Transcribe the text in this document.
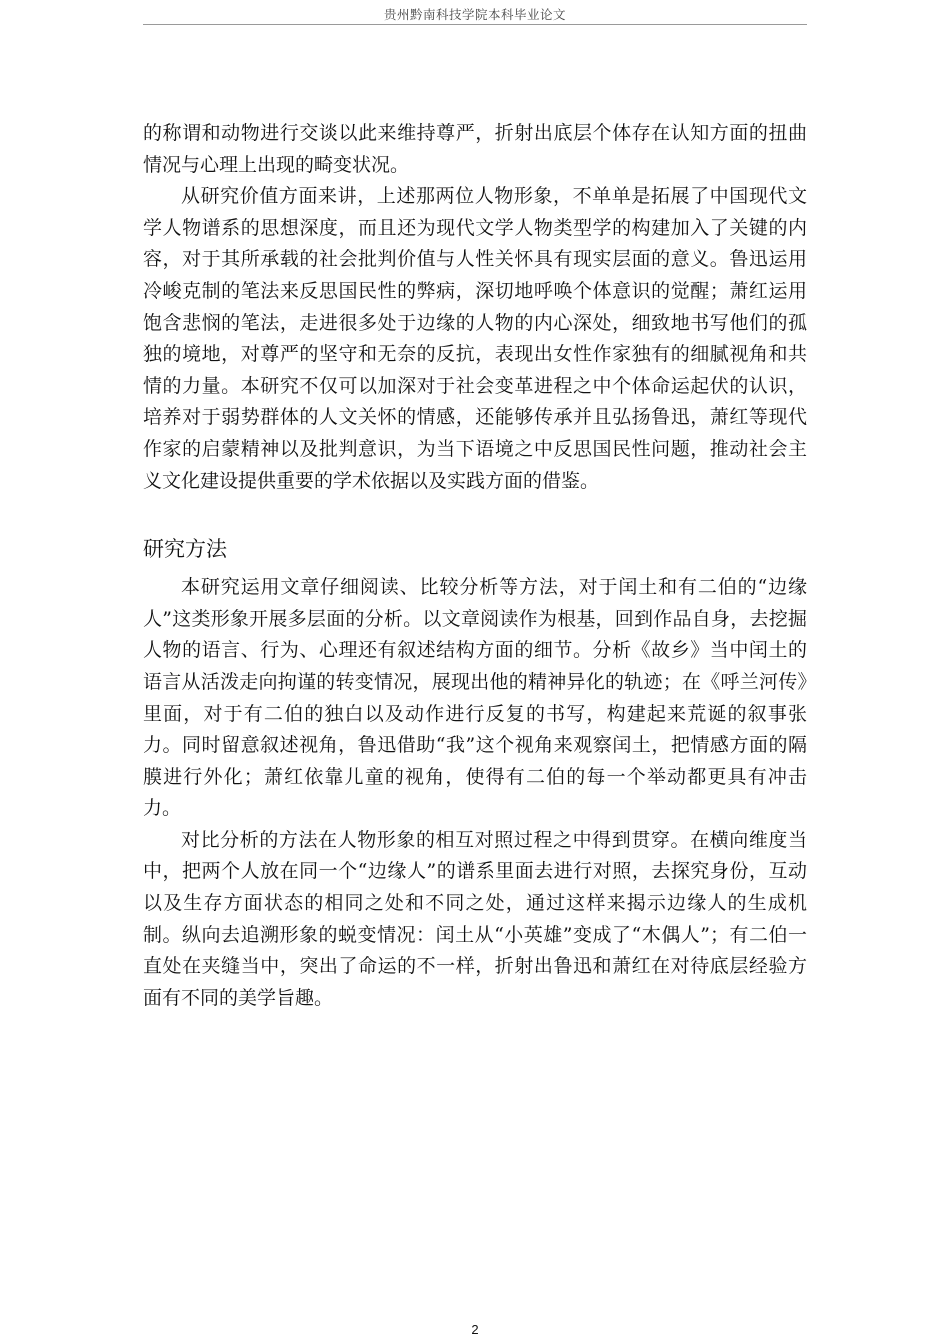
贵州黔南科技学院本科毕业论文

的称谓和动物进行交谈以此来维持尊严，折射出底层个体存在认知方面的扭曲情况与心理上出现的畸变状况。

从研究价值方面来讲，上述那两位人物形象，不单单是拓展了中国现代文学人物谱系的思想深度，而且还为现代文学人物类型学的构建加入了关键的内容，对于其所承载的社会批判价值与人性关怀具有现实层面的意义。鲁迅运用冷峻克制的笔法来反思国民性的弊病，深切地呼唤个体意识的觉醒；萧红运用饱含悲悯的笔法，走进很多处于边缘的人物的内心深处，细致地书写他们的孤独的境地，对尊严的坚守和无奈的反抗，表现出女性作家独有的细腻视角和共情的力量。本研究不仅可以加深对于社会变革进程之中个体命运起伏的认识，培养对于弱势群体的人文关怀的情感，还能够传承并且弘扬鲁迅，萧红等现代作家的启蒙精神以及批判意识，为当下语境之中反思国民性问题，推动社会主义文化建设提供重要的学术依据以及实践方面的借鉴。

研究方法

本研究运用文章仔细阅读、比较分析等方法，对于闰土和有二伯的“边缘人”这类形象开展多层面的分析。以文章阅读作为根基，回到作品自身，去挖掘人物的语言、行为、心理还有叙述结构方面的细节。分析《故乡》当中闰土的语言从活泼走向拘谨的转变情况，展现出他的精神异化的轨迹；在《呼兰河传》里面，对于有二伯的独白以及动作进行反复的书写，构建起来荒诞的叙事张力。同时留意叙述视角，鲁迅借助“我”这个视角来观察闰土，把情感方面的隔膜进行外化；萧红依靠儿童的视角，使得有二伯的每一个举动都更具有冲击力。

对比分析的方法在人物形象的相互对照过程之中得到贯穿。在横向维度当中，把两个人放在同一个“边缘人”的谱系里面去进行对照，去探究身份，互动以及生存方面状态的相同之处和不同之处，通过这样来揭示边缘人的生成机制。纵向去追溯形象的蜕变情况：闰土从“小英雄”变成了“木偶人”；有二伯一直处在夹缝当中，突出了命运的不一样，折射出鲁迅和萧红在对待底层经验方面有不同的美学旨趣。

2
